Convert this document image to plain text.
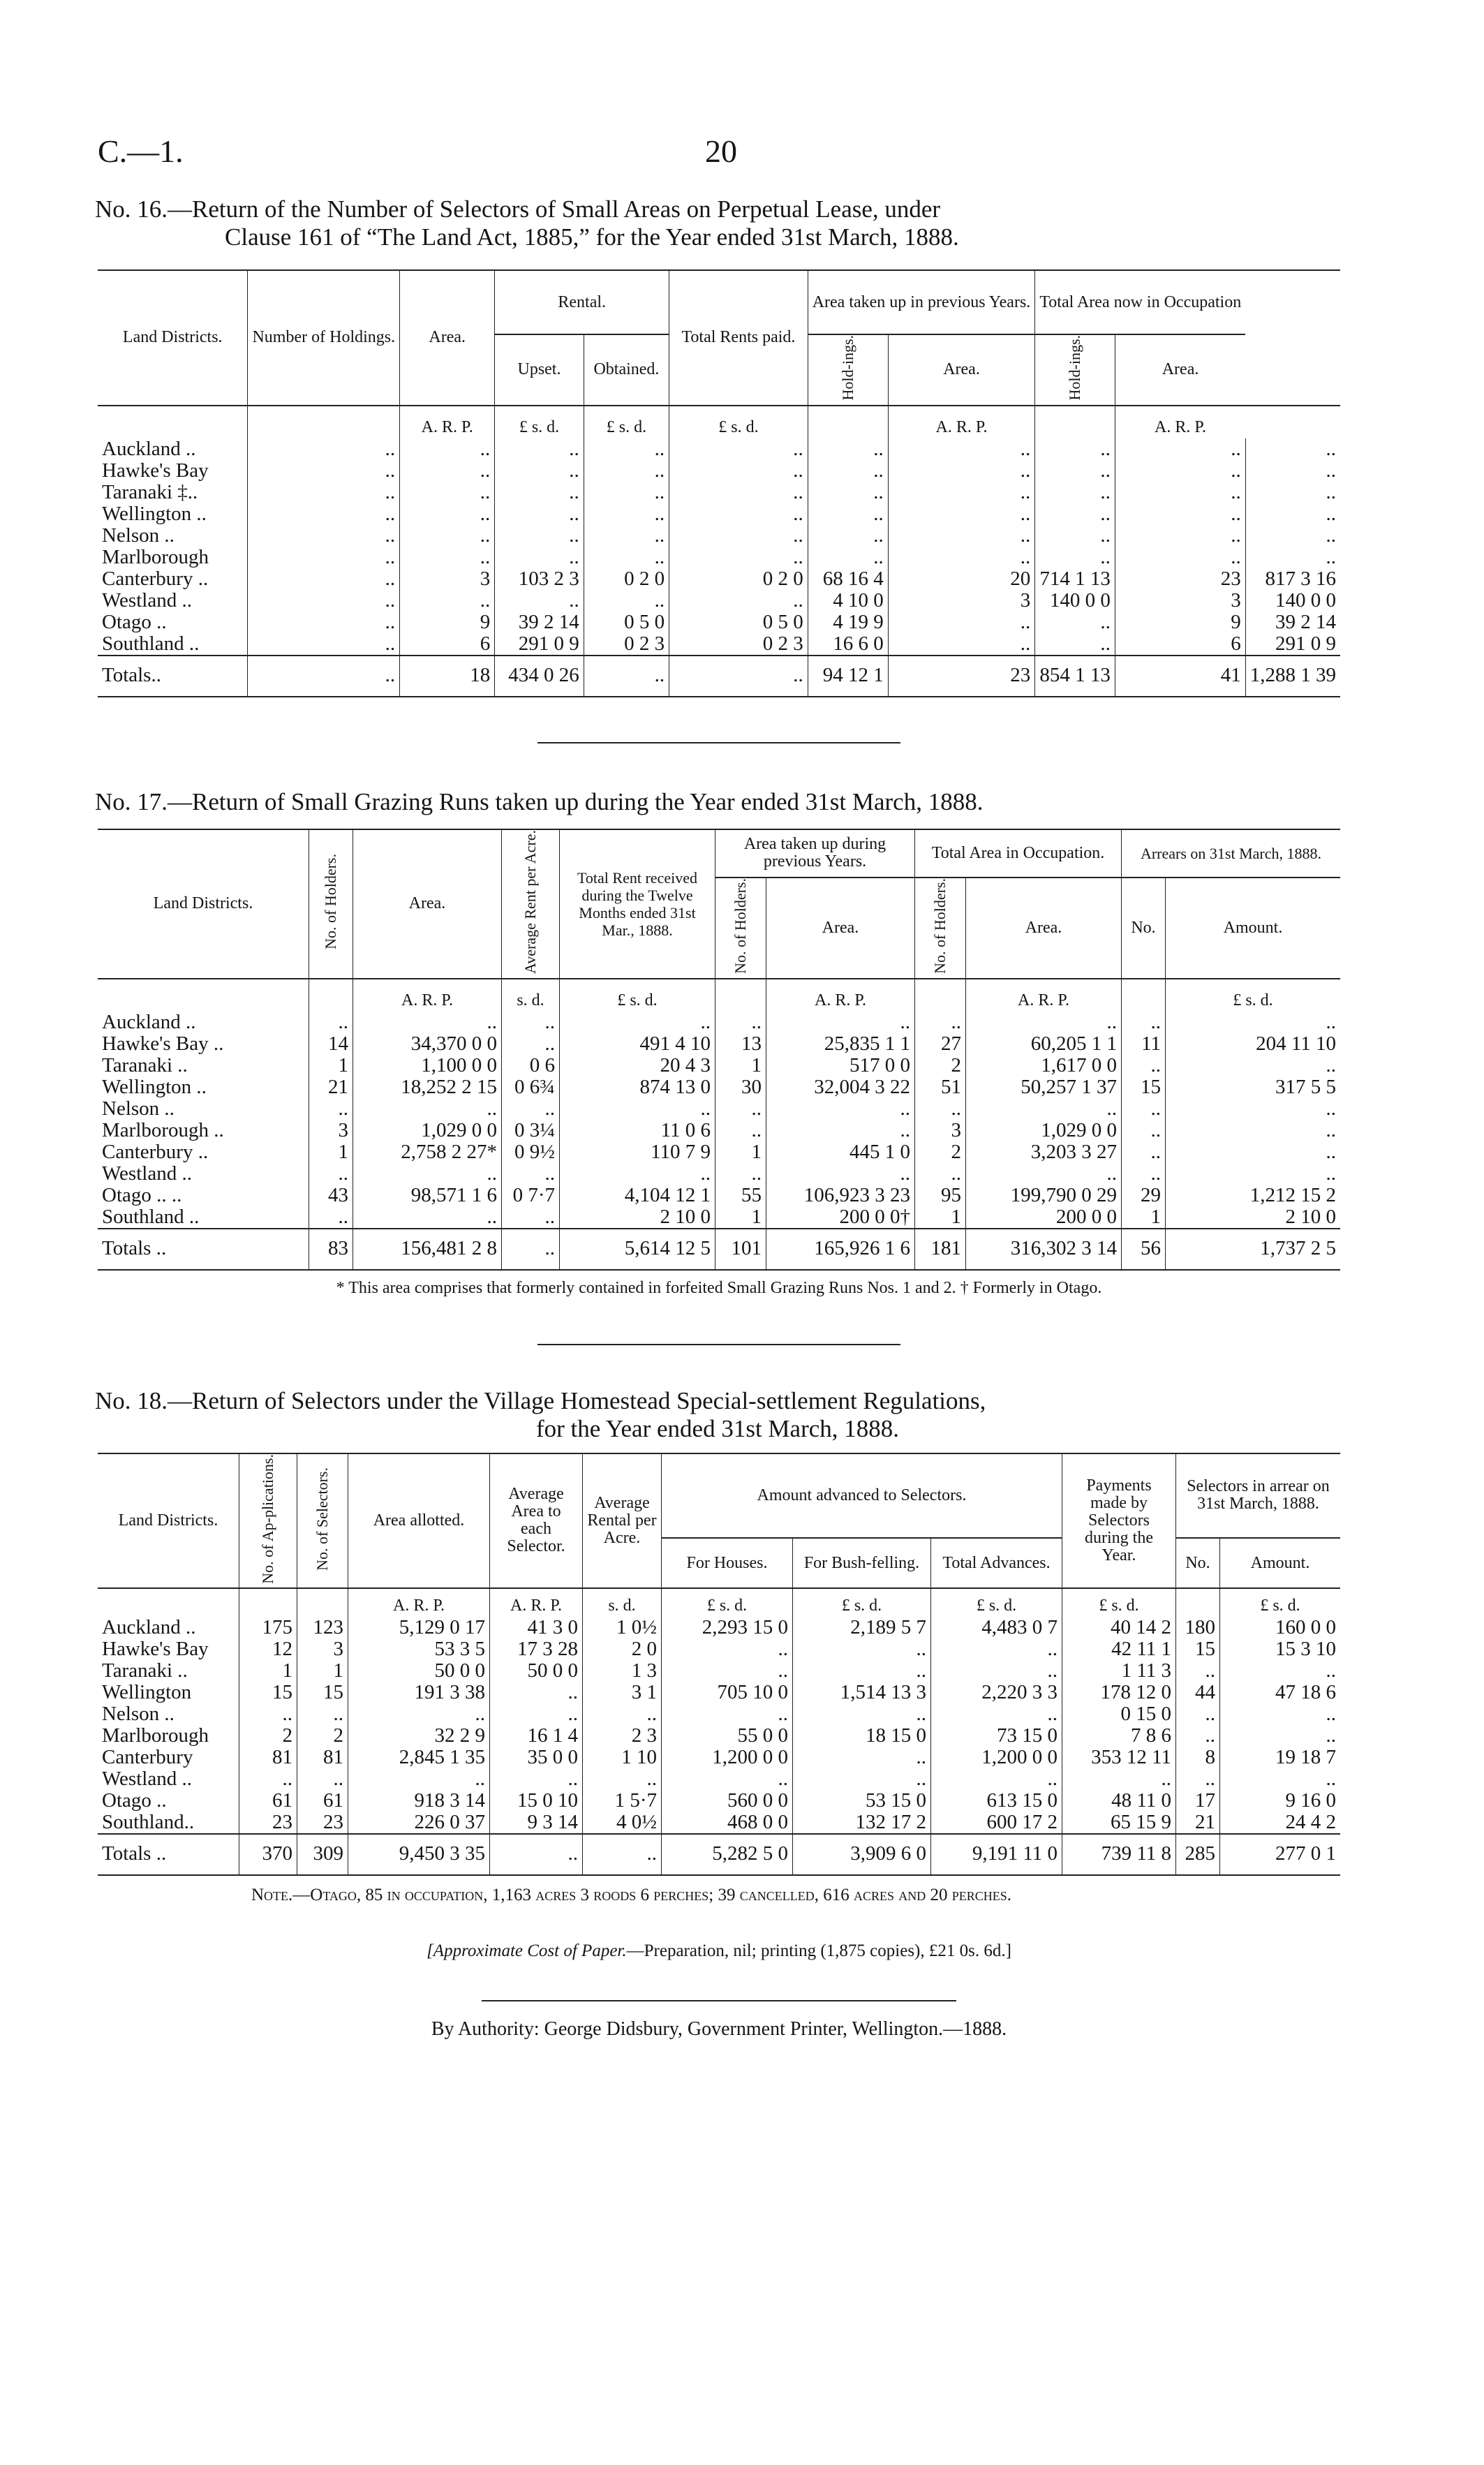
C.—1.	20
No. 16.—Return of the Number of Selectors of Small Areas on Perpetual Lease, under
Clause 161 of “The Land Act, 1885,” for the Year ended 31st March, 1888.
Land Districts.	Number of Holdings.	Area.	Rental.		Total Rents paid.	Area taken up in previous Years.		Total Area now in Occupation		
			Upset.	Obtained.		Hold-ings.	Area.	Hold-ings.	Area.	
		A. R. P.	£ s. d.	£ s. d.	£ s. d.		A. R. P.		A. R. P.	
Auckland ..	..	..	..	..	..	..	..	..	..	..
Hawke's Bay	..	..	..	..	..	..	..	..	..	..
Taranaki ‡..	..	..	..	..	..	..	..	..	..	..
Wellington ..	..	..	..	..	..	..	..	..	..	..
Nelson ..	..	..	..	..	..	..	..	..	..	..
Marlborough	..	..	..	..	..	..	..	..	..	..
Canterbury ..	..	3	103 2 3	0 2 0	0 2 0	68 16 4	20	714 1 13	23	817 3 16
Westland ..	..	..	..	..	..	4 10 0	3	140 0 0	3	140 0 0
Otago ..	..	9	39 2 14	0 5 0	0 5 0	4 19 9	..	..	9	39 2 14
Southland ..	..	6	291 0 9	0 2 3	0 2 3	16 6 0	..	..	6	291 0 9
Totals..	..	18	434 0 26	..	..	94 12 1	23	854 1 13	41	1,288 1 39
No. 17.—Return of Small Grazing Runs taken up during the Year ended 31st March, 1888.
Land Districts.	No. of Holders.	Area.	Average Rent per Acre.	Total Rent received during the Twelve Months ended 31st Mar., 1888.	Area taken up during previous Years.		Total Area in Occupation.		Arrears on 31st March, 1888.	
					No. of Holders.	Area.	No. of Holders.	Area.	No.	Amount.
		A. R. P.	s. d.	£ s. d.		A. R. P.		A. R. P.		£ s. d.
Auckland ..	..	..	..	..	..	..	..	..	..	..
Hawke's Bay ..	14	34,370 0 0	..	491 4 10	13	25,835 1 1	27	60,205 1 1	11	204 11 10
Taranaki ..	1	1,100 0 0	0 6	20 4 3	1	517 0 0	2	1,617 0 0	..	..
Wellington ..	21	18,252 2 15	0 6¾	874 13 0	30	32,004 3 22	51	50,257 1 37	15	317 5 5
Nelson ..	..	..	..	..	..	..	..	..	..	..
Marlborough ..	3	1,029 0 0	0 3¼	11 0 6	..	..	3	1,029 0 0	..	..
Canterbury ..	1	2,758 2 27*	0 9½	110 7 9	1	445 1 0	2	3,203 3 27	..	..
Westland ..	..	..	..	..	..	..	..	..	..	..
Otago .. ..	43	98,571 1 6	0 7·7	4,104 12 1	55	106,923 3 23	95	199,790 0 29	29	1,212 15 2
Southland ..	..	..	..	2 10 0	1	200 0 0†	1	200 0 0	1	2 10 0
Totals ..	83	156,481 2 8	..	5,614 12 5	101	165,926 1 6	181	316,302 3 14	56	1,737 2 5
* This area comprises that formerly contained in forfeited Small Grazing Runs Nos. 1 and 2. † Formerly in Otago.
No. 18.—Return of Selectors under the Village Homestead Special-settlement Regulations,
for the Year ended 31st March, 1888.
Land Districts.	No. of Ap-plications.	No. of Selectors.	Area allotted.	Average Area to each Selector.	Average Rental per Acre.	Amount advanced to Selectors.			Payments made by Selectors during the Year.	Selectors in arrear on 31st March, 1888.	
						For Houses.	For Bush-felling.	Total Advances.		No.	Amount.
			A. R. P.	A. R. P.	s. d.	£ s. d.	£ s. d.	£ s. d.	£ s. d.		£ s. d.
Auckland ..	175	123	5,129 0 17	41 3 0	1 0½	2,293 15 0	2,189 5 7	4,483 0 7	40 14 2	180	160 0 0
Hawke's Bay	12	3	53 3 5	17 3 28	2 0	..	..	..	42 11 1	15	15 3 10
Taranaki ..	1	1	50 0 0	50 0 0	1 3	..	..	..	1 11 3	..	..
Wellington	15	15	191 3 38	..	3 1	705 10 0	1,514 13 3	2,220 3 3	178 12 0	44	47 18 6
Nelson ..	..	..	..	..	..	..	..	..	0 15 0	..	..
Marlborough	2	2	32 2 9	16 1 4	2 3	55 0 0	18 15 0	73 15 0	7 8 6	..	..
Canterbury	81	81	2,845 1 35	35 0 0	1 10	1,200 0 0	..	1,200 0 0	353 12 11	8	19 18 7
Westland ..	..	..	..	..	..	..	..	..	..	..	..
Otago ..	61	61	918 3 14	15 0 10	1 5·7	560 0 0	53 15 0	613 15 0	48 11 0	17	9 16 0
Southland..	23	23	226 0 37	9 3 14	4 0½	468 0 0	132 17 2	600 17 2	65 15 9	21	24 4 2
Totals ..	370	309	9,450 3 35	..	..	5,282 5 0	3,909 6 0	9,191 11 0	739 11 8	285	277 0 1
Note.—Otago, 85 in occupation, 1,163 acres 3 roods 6 perches; 39 cancelled, 616 acres and 20 perches.
[Approximate Cost of Paper.—Preparation, nil; printing (1,875 copies), £21 0s. 6d.]
By Authority: George Didsbury, Government Printer, Wellington.—1888.
